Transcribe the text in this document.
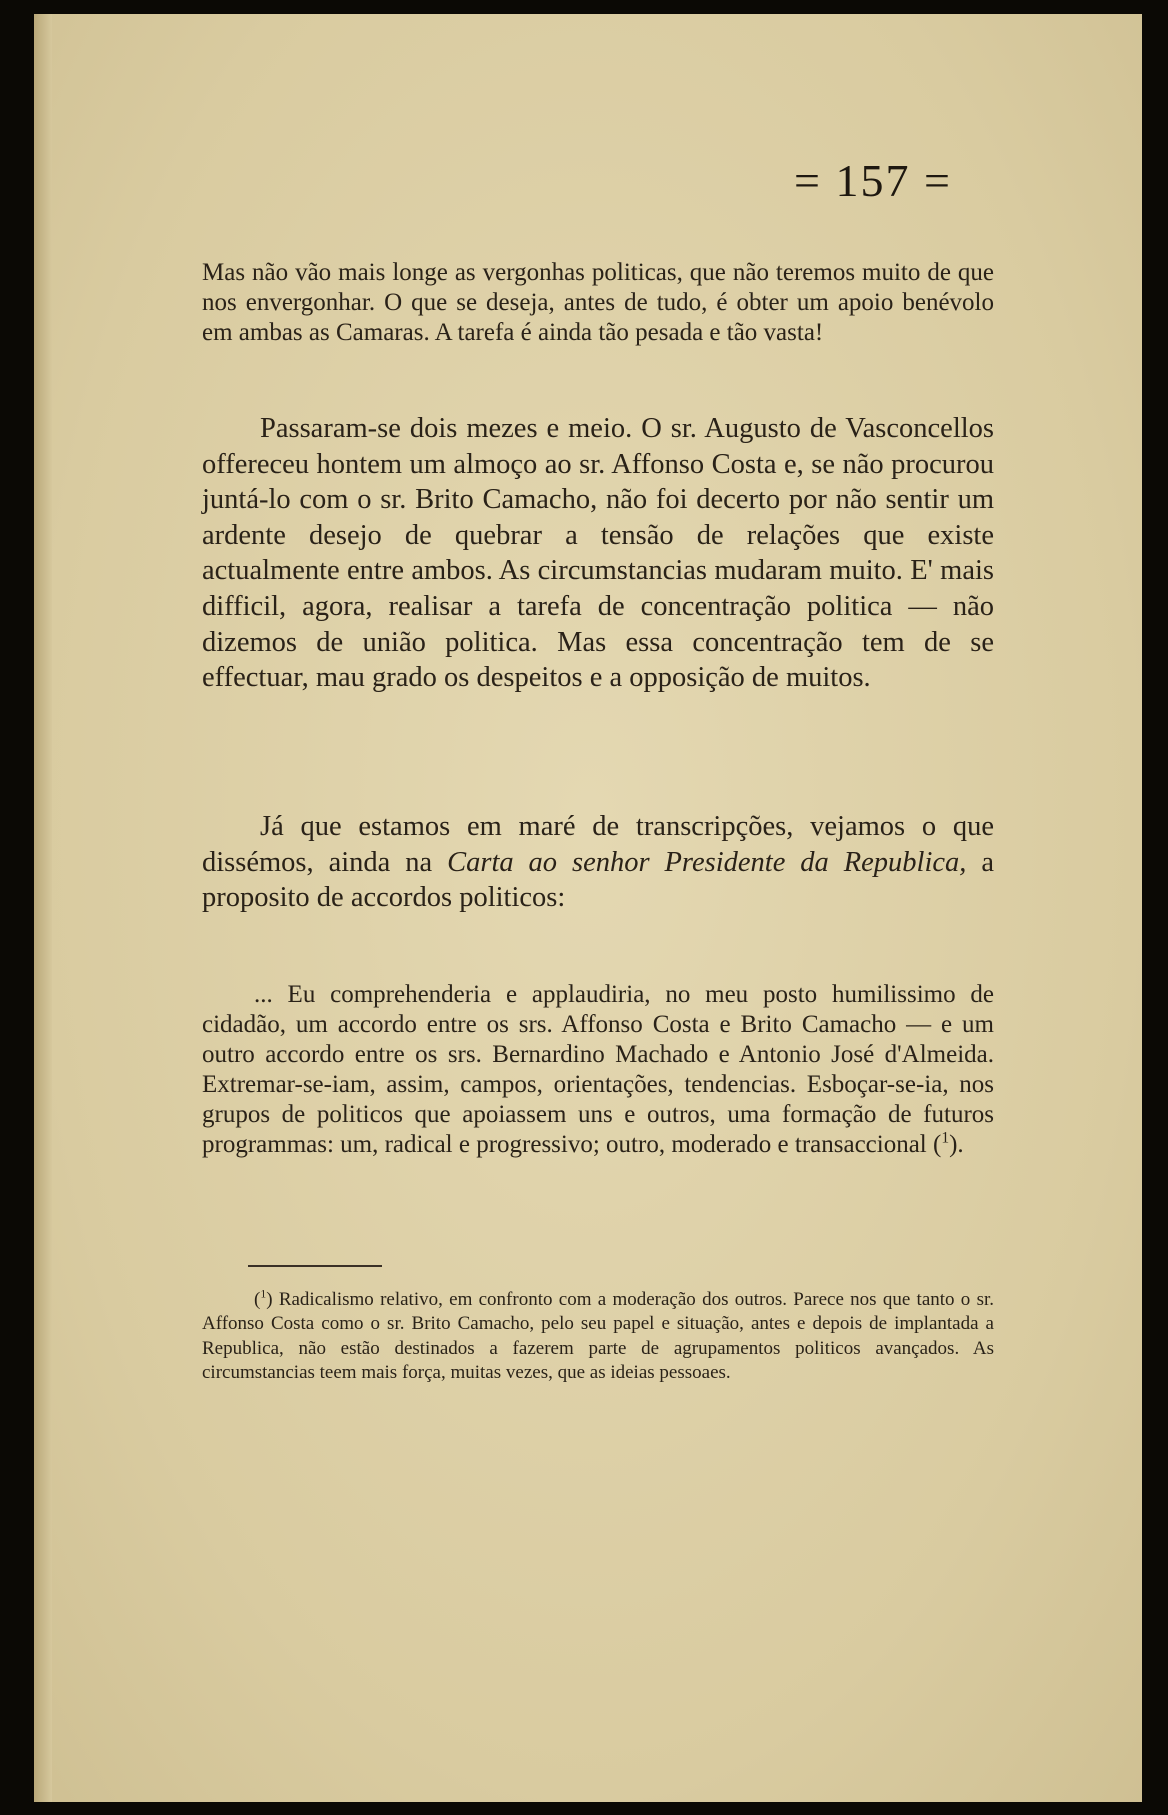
= 157 =
Mas não vão mais longe as vergonhas politicas, que não teremos muito de que nos envergonhar. O que se deseja, antes de tudo, é obter um apoio benévolo em ambas as Camaras. A tarefa é ainda tão pesada e tão vasta!
Passaram-se dois mezes e meio. O sr. Augusto de Vasconcellos offereceu hontem um almoço ao sr. Affonso Costa e, se não procurou juntá-lo com o sr. Brito Camacho, não foi decerto por não sentir um ardente desejo de quebrar a tensão de relações que existe actualmente entre ambos. As circumstancias mudaram muito. E' mais difficil, agora, realisar a tarefa de concentração politica — não dizemos de união politica. Mas essa concentração tem de se effectuar, mau grado os despeitos e a opposição de muitos.
Já que estamos em maré de transcripções, vejamos o que dissémos, ainda na Carta ao senhor Presidente da Republica, a proposito de accordos politicos:
... Eu comprehenderia e applaudiria, no meu posto humilissimo de cidadão, um accordo entre os srs. Affonso Costa e Brito Camacho — e um outro accordo entre os srs. Bernardino Machado e Antonio José d'Almeida. Extremar-se-iam, assim, campos, orientações, tendencias. Esboçar-se-ia, nos grupos de politicos que apoiassem uns e outros, uma formação de futuros programmas: um, radical e progressivo; outro, moderado e transaccional ($^1$).
($^1$) Radicalismo relativo, em confronto com a moderação dos outros. Parece nos que tanto o sr. Affonso Costa como o sr. Brito Camacho, pelo seu papel e situação, antes e depois de implantada a Republica, não estão destinados a fazerem parte de agrupamentos politicos avançados. As circumstancias teem mais força, muitas vezes, que as ideias pessoaes.
